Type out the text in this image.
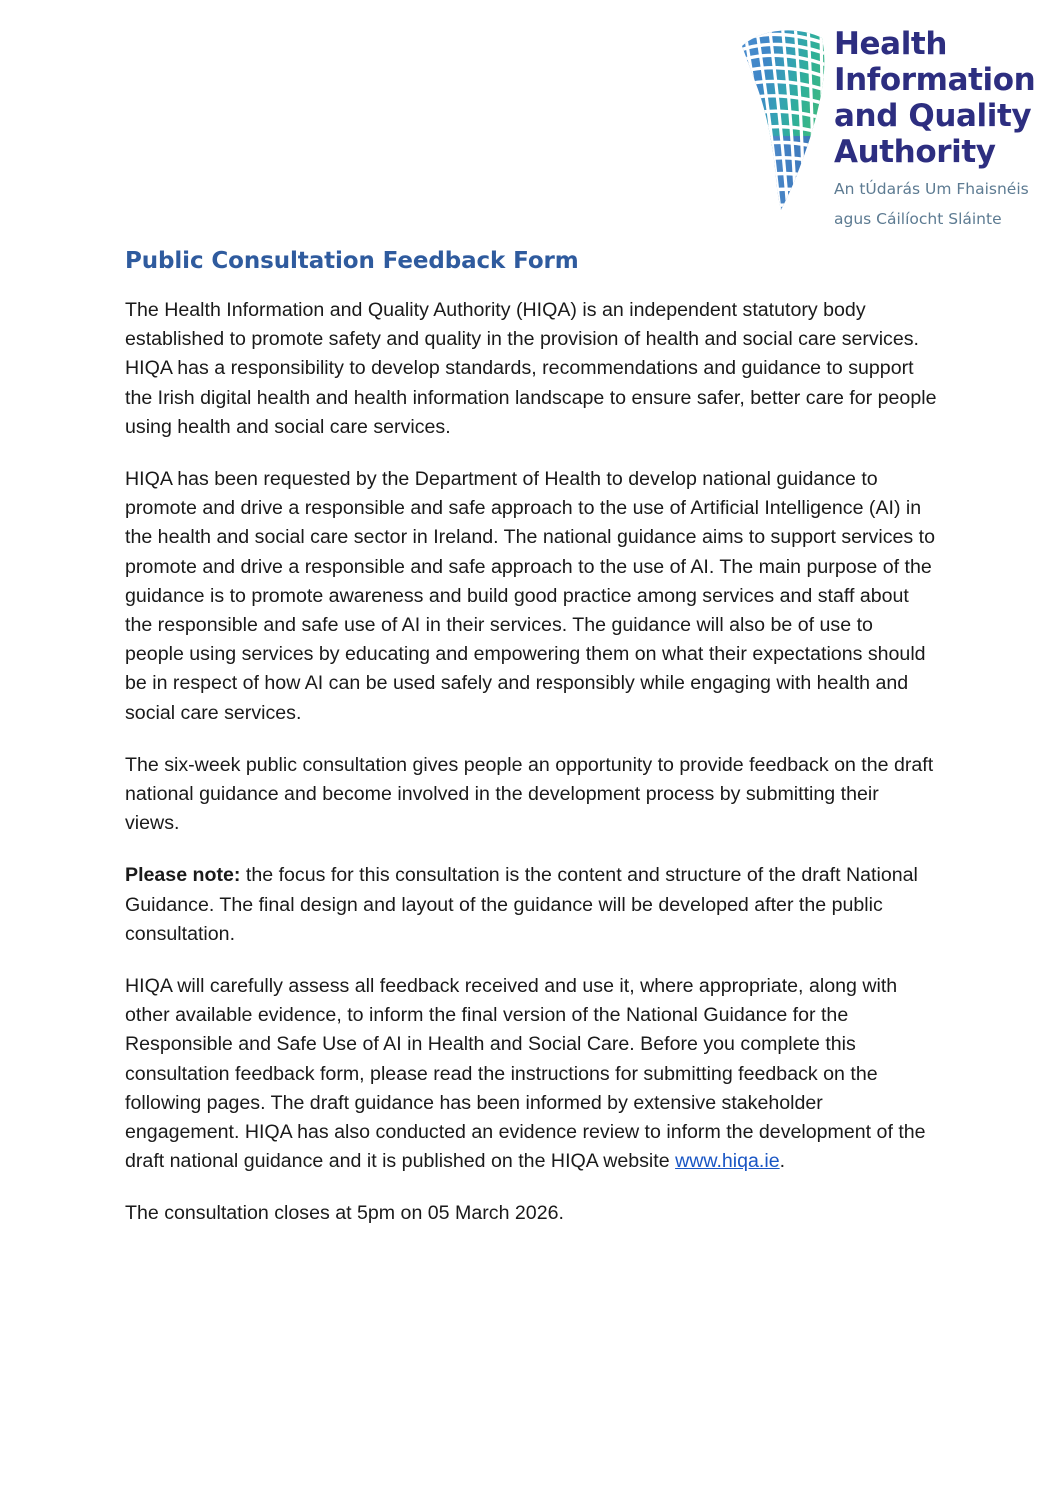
Health
Information
and Quality
Authority
An tÚdarás Um Fhaisnéis
agus Cáilíocht Sláinte
Public Consultation Feedback Form

The Health Information and Quality Authority (HIQA) is an independent statutory body established to promote safety and quality in the provision of health and social care services. HIQA has a responsibility to develop standards, recommendations and guidance to support the Irish digital health and health information landscape to ensure safer, better care for people using health and social care services.

HIQA has been requested by the Department of Health to develop national guidance to promote and drive a responsible and safe approach to the use of Artificial Intelligence (AI) in the health and social care sector in Ireland. The national guidance aims to support services to promote and drive a responsible and safe approach to the use of AI. The main purpose of the guidance is to promote awareness and build good practice among services and staff about the responsible and safe use of AI in their services. The guidance will also be of use to people using services by educating and empowering them on what their expectations should be in respect of how AI can be used safely and responsibly while engaging with health and social care services.

The six-week public consultation gives people an opportunity to provide feedback on the draft national guidance and become involved in the development process by submitting their views.

Please note: the focus for this consultation is the content and structure of the draft National Guidance. The final design and layout of the guidance will be developed after the public consultation.

HIQA will carefully assess all feedback received and use it, where appropriate, along with other available evidence, to inform the final version of the National Guidance for the Responsible and Safe Use of AI in Health and Social Care. Before you complete this consultation feedback form, please read the instructions for submitting feedback on the following pages. The draft guidance has been informed by extensive stakeholder engagement. HIQA has also conducted an evidence review to inform the development of the draft national guidance and it is published on the HIQA website www.hiqa.ie.

The consultation closes at 5pm on 05 March 2026.
